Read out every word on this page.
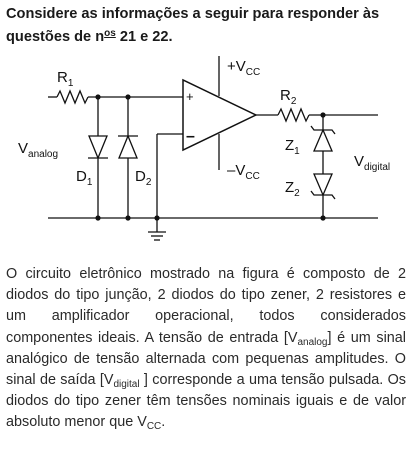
Considere as informações a seguir para responder às
questões de $n^{os}$ 21 e 22.
$R_1$
$R_2$
$+V_{CC}$
$-V_{CC}$
+
–
$V_{analog}$	$V_{digital}$
$D_1$	$D_2$
$Z_1$
$Z_2$
O circuito eletrônico mostrado na figura é composto de 2 diodos do tipo junção, 2 diodos do tipo zener, 2 resistores e um amplificador operacional, todos considerados componentes ideais. A tensão de entrada $[V_{analog}]$ é um sinal analógico de tensão alternada com pequenas amplitudes. O sinal de saída [$V_{digital}$ ] corresponde a uma tensão pulsada. Os diodos do tipo zener têm tensões nominais iguais e de valor absoluto menor que $V_{CC}$.
